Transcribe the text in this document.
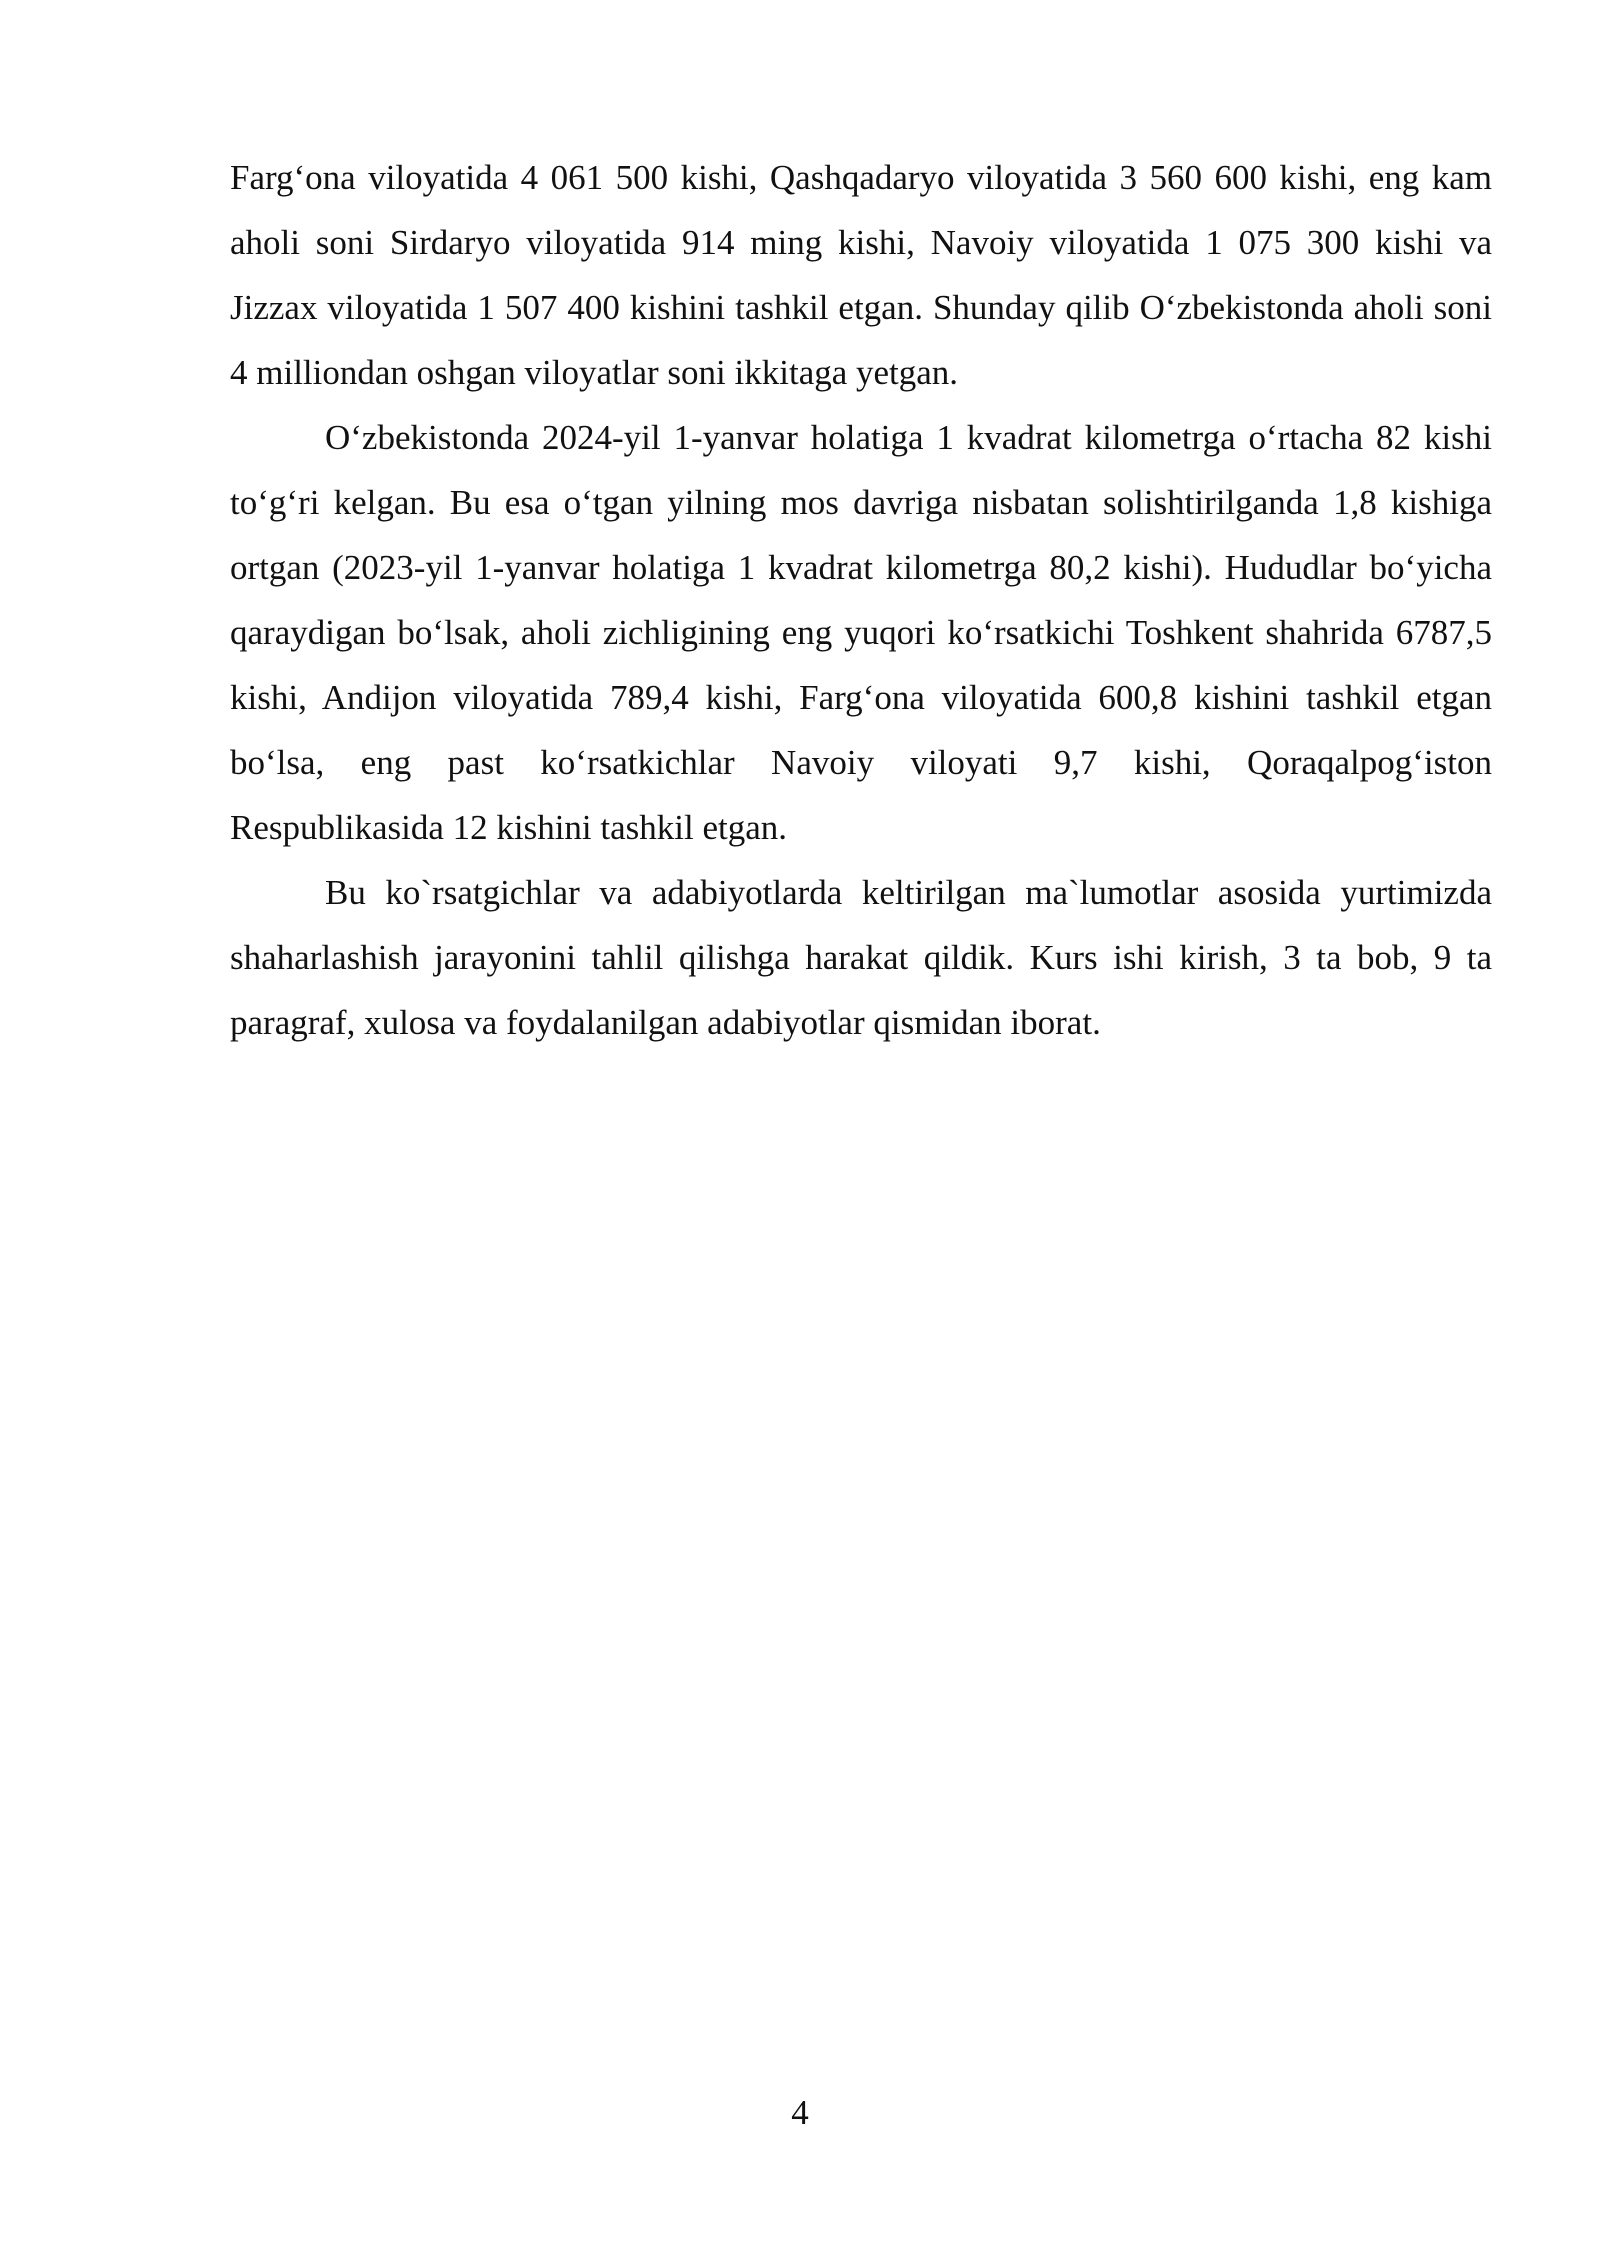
Farg‘ona viloyatida 4 061 500 kishi, Qashqadaryo viloyatida 3 560 600 kishi, eng kam aholi soni Sirdaryo viloyatida 914 ming kishi, Navoiy viloyatida 1 075 300 kishi va Jizzax viloyatida 1 507 400 kishini tashkil etgan. Shunday qilib O‘zbekistonda aholi soni 4 milliondan oshgan viloyatlar soni ikkitaga yetgan.

O‘zbekistonda 2024-yil 1-yanvar holatiga 1 kvadrat kilometrga o‘rtacha 82 kishi to‘g‘ri kelgan. Bu esa o‘tgan yilning mos davriga nisbatan solishtirilganda 1,8 kishiga ortgan (2023-yil 1-yanvar holatiga 1 kvadrat kilometrga 80,2 kishi). Hududlar bo‘yicha qaraydigan bo‘lsak, aholi zichligining eng yuqori ko‘rsatkichi Toshkent shahrida 6787,5 kishi, Andijon viloyatida 789,4 kishi, Farg‘ona viloyatida 600,8 kishini tashkil etgan bo‘lsa, eng past ko‘rsatkichlar Navoiy viloyati 9,7 kishi, Qoraqalpog‘iston Respublikasida 12 kishini tashkil etgan.

Bu ko`rsatgichlar va adabiyotlarda keltirilgan ma`lumotlar asosida yurtimizda shaharlashish jarayonini tahlil qilishga harakat qildik. Kurs ishi kirish, 3 ta bob, 9 ta paragraf, xulosa va foydalanilgan adabiyotlar qismidan iborat.

4
